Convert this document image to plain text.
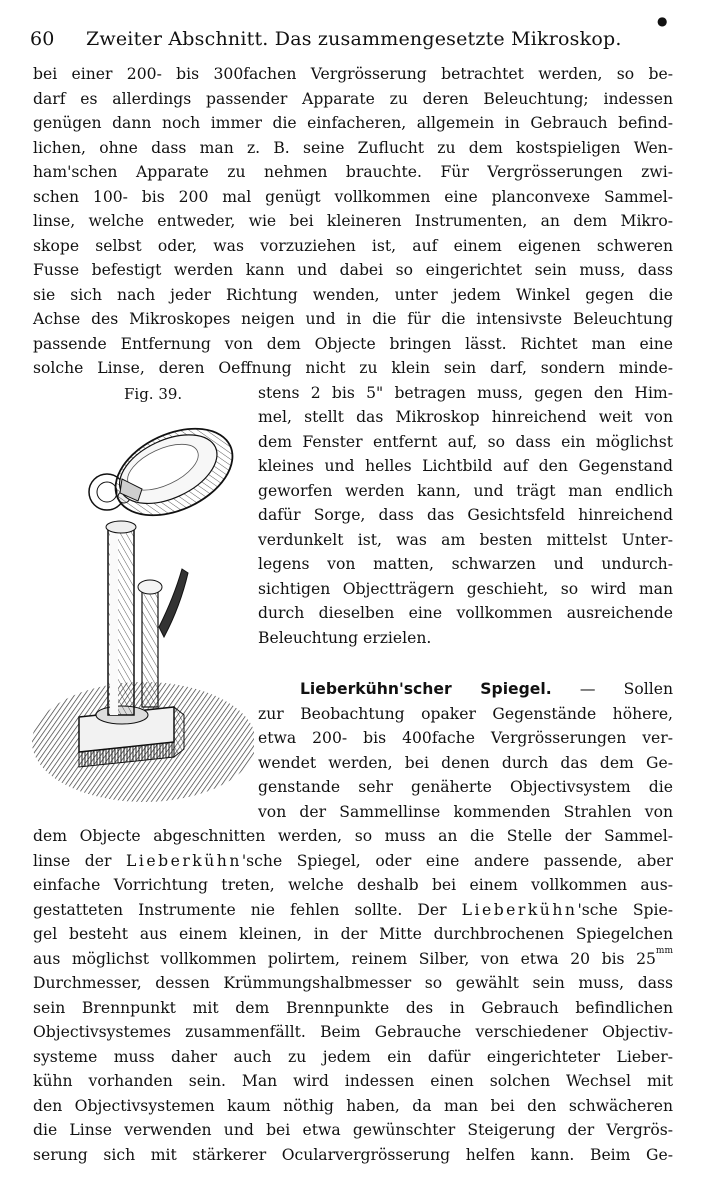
●
60 Zweiter Abschnitt. Das zusammengesetzte Mikroskop.
bei einer 200- bis 300fachen Vergrösserung betrachtet werden, so be-
darf es allerdings passender Apparate zu deren Beleuchtung; indessen
genügen dann noch immer die einfacheren, allgemein in Gebrauch befind-
lichen, ohne dass man z. B. seine Zuflucht zu dem kostspieligen Wen-
ham'schen Apparate zu nehmen brauchte. Für Vergrösserungen zwi-
schen 100- bis 200 mal genügt vollkommen eine planconvexe Sammel-
linse, welche entweder, wie bei kleineren Instrumenten, an dem Mikro-
skope selbst oder, was vorzuziehen ist, auf einem eigenen schweren
Fusse befestigt werden kann und dabei so eingerichtet sein muss, dass
sie sich nach jeder Richtung wenden, unter jedem Winkel gegen die
Achse des Mikroskopes neigen und in die für die intensivste Beleuchtung
passende Entfernung von dem Objecte bringen lässt. Richtet man eine
solche Linse, deren Oeffnung nicht zu klein sein darf, sondern minde-
Fig. 39.	stens 2 bis 5" betragen muss, gegen den Him-
mel, stellt das Mikroskop hinreichend weit von
dem Fenster entfernt auf, so dass ein möglichst
kleines und helles Lichtbild auf den Gegenstand
geworfen werden kann, und trägt man endlich
dafür Sorge, dass das Gesichtsfeld hinreichend
verdunkelt ist, was am besten mittelst Unter-
legens von matten, schwarzen und undurch-
sichtigen Objectträgern geschieht, so wird man
durch dieselben eine vollkommen ausreichende
Beleuchtung erzielen.
Lieberkühn'scher Spiegel. — Sollen
zur Beobachtung opaker Gegenstände höhere,
etwa 200- bis 400fache Vergrösserungen ver-
wendet werden, bei denen durch das dem Ge-
genstande sehr genäherte Objectivsystem die
von der Sammellinse kommenden Strahlen von
dem Objecte abgeschnitten werden, so muss an die Stelle der Sammel-
linse der Lieberkühn'sche Spiegel, oder eine andere passende, aber
einfache Vorrichtung treten, welche deshalb bei einem vollkommen aus-
gestatteten Instrumente nie fehlen sollte. Der Lieberkühn'sche Spie-
gel besteht aus einem kleinen, in der Mitte durchbrochenen Spiegelchen
aus möglichst vollkommen polirtem, reinem Silber, von etwa 20 bis $25^{mm}$
Durchmesser, dessen Krümmungshalbmesser so gewählt sein muss, dass
sein Brennpunkt mit dem Brennpunkte des in Gebrauch befindlichen
Objectivsystemes zusammenfällt. Beim Gebrauche verschiedener Objectiv-
systeme muss daher auch zu jedem ein dafür eingerichteter Lieber-
kühn vorhanden sein. Man wird indessen einen solchen Wechsel mit
den Objectivsystemen kaum nöthig haben, da man bei den schwächeren
die Linse verwenden und bei etwa gewünschter Steigerung der Vergrös-
serung sich mit stärkerer Ocularvergrösserung helfen kann. Beim Ge-
